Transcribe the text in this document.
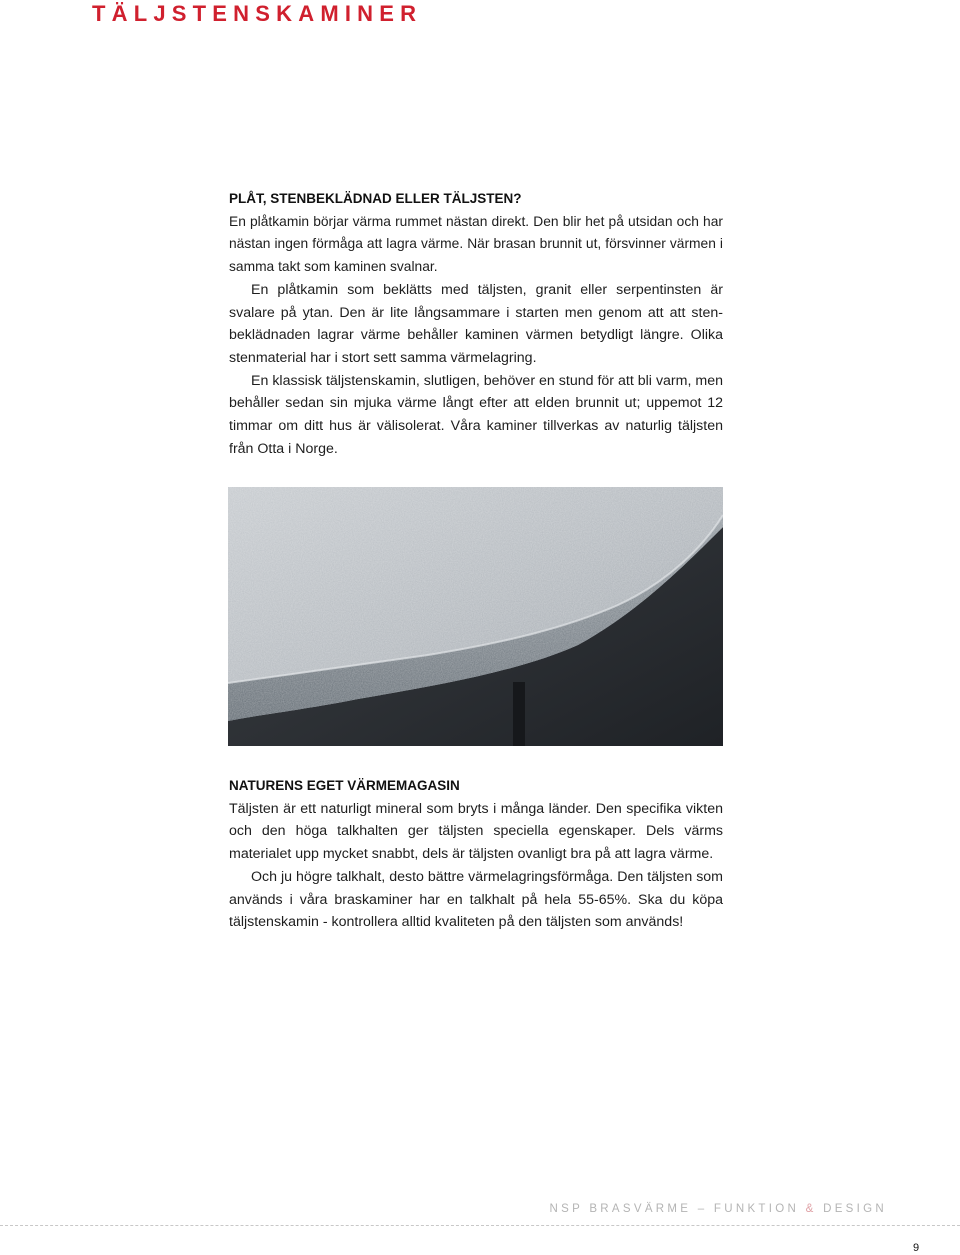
TÄLJSTENSKAMINER
PLÅT, STENBEKLÄDNAD ELLER TÄLJSTEN?

En plåtkamin börjar värma rummet nästan direkt. Den blir het på utsidan och har nästan ingen förmåga att lagra värme. När brasan brunnit ut, försvinner värmen i samma takt som kaminen svalnar.

En plåtkamin som beklätts med täljsten, granit eller serpentinsten är svalare på ytan. Den är lite långsammare i starten men genom att att stenbeklädnaden lagrar värme behåller kaminen värmen betydligt längre. Olika stenmaterial har i stort sett samma värmelagring.

En klassisk täljstenskamin, slutligen, behöver en stund för att bli varm, men behåller sedan sin mjuka värme långt efter att elden brunnit ut; uppemot 12 timmar om ditt hus är välisolerat. Våra kaminer tillverkas av naturlig täljsten från Otta i Norge.

NATURENS EGET VÄRMEMAGASIN

Täljsten är ett naturligt mineral som bryts i många länder. Den specifika vikten och den höga talkhalten ger täljsten speciella egenskaper. Dels värms materialet upp mycket snabbt, dels är täljsten ovanligt bra på att lagra värme.

Och ju högre talkhalt, desto bättre värmelagringsförmåga. Den täljsten som används i våra braskaminer har en talkhalt på hela 55-65%. Ska du köpa täljstenskamin - kontrollera alltid kvaliteten på den täljsten som används!

NSP BRASVÄRME – FUNKTION & DESIGN
9
